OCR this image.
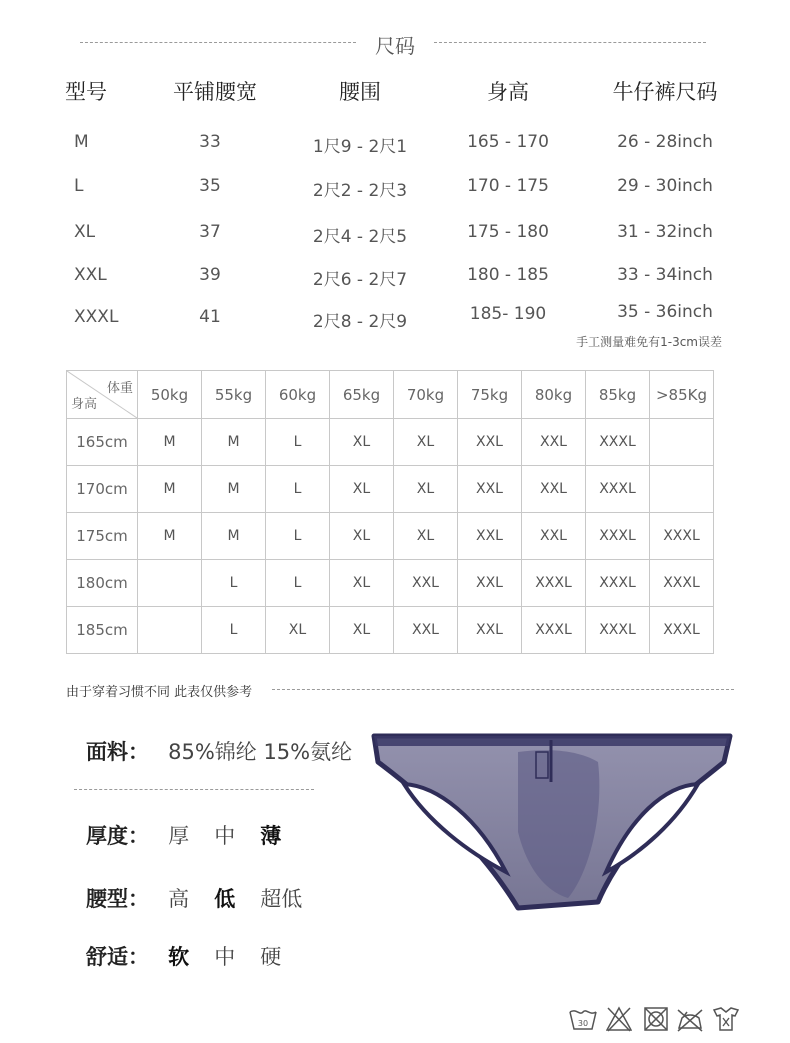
尺码
型号	平铺腰宽	腰围	身高	牛仔裤尺码
M	33	1尺9 - 2尺1	165 - 170	26 - 28inch
L	35	2尺2 - 2尺3	170 - 175	29 - 30inch
XL	37	2尺4 - 2尺5	175 - 180	31 - 32inch
XXL	39	2尺6 - 2尺7	180 - 185	33 - 34inch
XXXL	41	2尺8 - 2尺9	185- 190	35 - 36inch
手工测量难免有1-3cm误差
体重
身高	50kg	55kg	60kg	65kg	70kg	75kg	80kg	85kg	>85Kg
165cm	M	M	L	XL	XL	XXL	XXL	XXXL	
170cm	M	M	L	XL	XL	XXL	XXL	XXXL	
175cm	M	M	L	XL	XL	XXL	XXL	XXXL	XXXL
180cm		L	L	XL	XXL	XXL	XXXL	XXXL	XXXL
185cm		L	XL	XL	XXL	XXL	XXXL	XXXL	XXXL
由于穿着习惯不同 此表仅供参考
面料： 85%锦纶 15%氨纶
厚度： 厚 中 薄
腰型： 高 低 超低
舒适： 软 中 硬
30
